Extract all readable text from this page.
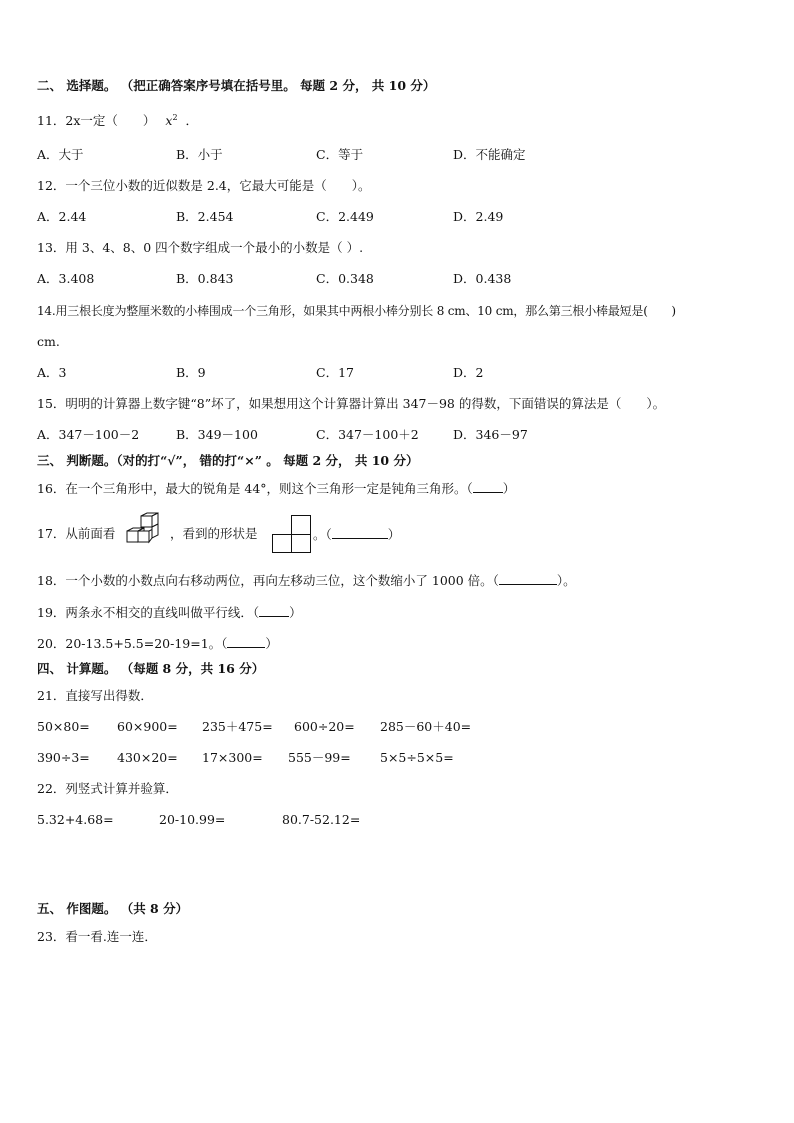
二、 选择题。 （把正确答案序号填在括号里。 每题 2 分， 共 10 分）
11．2x一定（　　） $x^2$ ．
A．大于	B．小于	C．等于	D．不能确定
12．一个三位小数的近似数是 2.4，它最大可能是（　　）。
A．2.44	B．2.454	C．2.449	D．2.49
13．用 3、4、8、0 四个数字组成一个最小的小数是（ ）.
A．3.408	B．0.843	C．0.348	D．0.438
14.用三根长度为整厘米数的小棒围成一个三角形，如果其中两根小棒分别长 8 cm、10 cm，那么第三根小棒最短是(　　)
cm.
A．3	B．9	C．17	D．2
15．明明的计算器上数字键“8”坏了，如果想用这个计算器计算出 347－98 的得数，下面错误的算法是（　　）。
A．347－100－2	B．349－100	C．347－100＋2	D．346－97
三、 判断题。（对的打“√”， 错的打“×” 。 每题 2 分， 共 10 分）
16．在一个三角形中，最大的锐角是 44°，则这个三角形一定是钝角三角形。（ ）
17．从前面看	，看到的形状是	。（	）
18．一个小数的小数点向右移动两位，再向左移动三位，这个数缩小了 1000 倍。（	）。
19．两条永不相交的直线叫做平行线．（ ）
20．20-13.5+5.5=20-19=1。（	）
四、 计算题。 （每题 8 分，共 16 分）
21．直接写出得数．
50×80= 60×900= 235＋475= 600÷20= 285－60＋40=
390÷3= 430×20= 17×300= 555－99= 5×5÷5×5=
22．列竖式计算并验算．
5.32+4.68=	20-10.99=	80.7-52.12=
五、 作图题。 （共 8 分）
23．看一看.连一连．
